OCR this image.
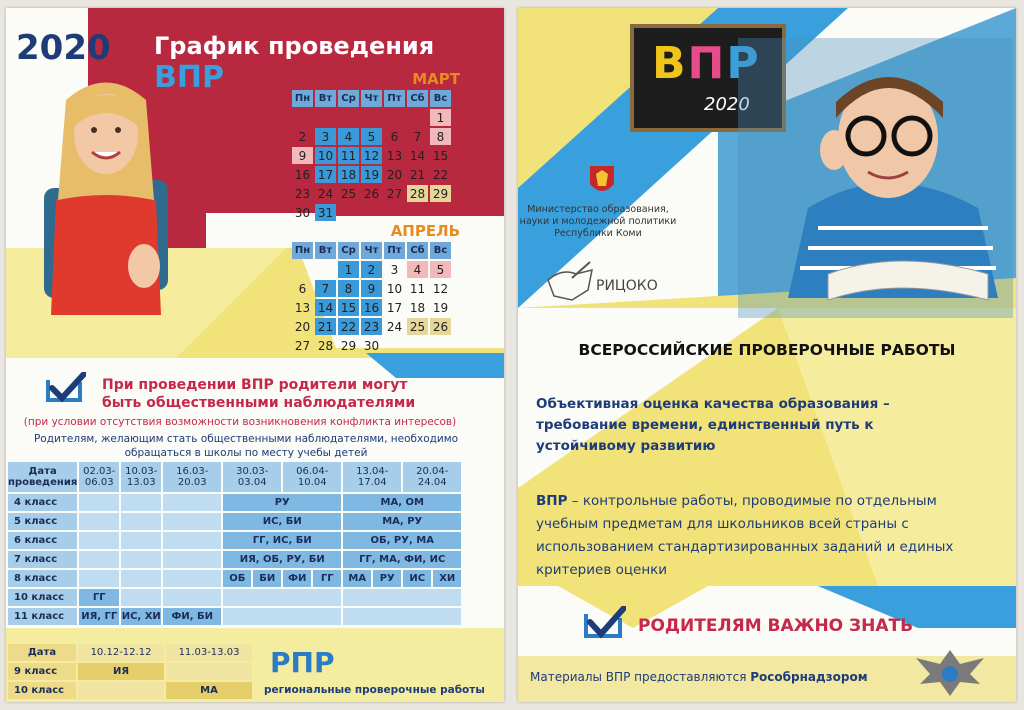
2020 График проведения ВПР	МАРТ
Пн	Вт	Ср	Чт	Пт	Сб	Вс
						1
2	3	4	5	6	7	8
9	10	11	12	13	14	15
16	17	18	19	20	21	22
23	24	25	26	27	28	29
30	31					
АПРЕЛЬ
Пн	Вт	Ср	Чт	Пт	Сб	Вс
		1	2	3	4	5
6	7	8	9	10	11	12
13	14	15	16	17	18	19
20	21	22	23	24	25	26
27	28	29	30			
При проведении ВПР родители могут быть общественными наблюдателями
(при условии отсутствия возможности возникновения конфликта интересов)
Родителям, желающим стать общественными наблюдателями, необходимо обращаться в школы по месту учебы детей
Дата проведения	02.03-06.03	10.03-13.03	16.03-20.03	30.03-03.04		06.04-10.04		13.04-17.04		20.04-24.04	
4 класс				РУ				МА, ОМ			
5 класс				ИС, БИ				МА, РУ			
6 класс				ГГ, ИС, БИ				ОБ, РУ, МА			
7 класс				ИЯ, ОБ, РУ, БИ				ГГ, МА, ФИ, ИС			
8 класс				ОБ	БИ	ФИ	ГГ	МА	РУ	ИС	ХИ
10 класс	ГГ										
11 класс	ИЯ, ГГ	ИС, ХИ	ФИ, БИ								
Дата	10.12-12.12	11.03-13.03
9 класс	ИЯ	
10 класс		МА
РПР
региональные проверочные работы
ВПР
2020
Министерство образования, науки и молодежной политики Республики Коми
РИЦОКО
ВСЕРОССИЙСКИЕ ПРОВЕРОЧНЫЕ РАБОТЫ
Объективная оценка качества образования – требование времени, единственный путь к устойчивому развитию
ВПР – контрольные работы, проводимые по отдельным учебным предметам для школьников всей страны с использованием стандартизированных заданий и единых критериев оценки
РОДИТЕЛЯМ ВАЖНО ЗНАТЬ
Материалы ВПР предоставляются Рособрнадзором
